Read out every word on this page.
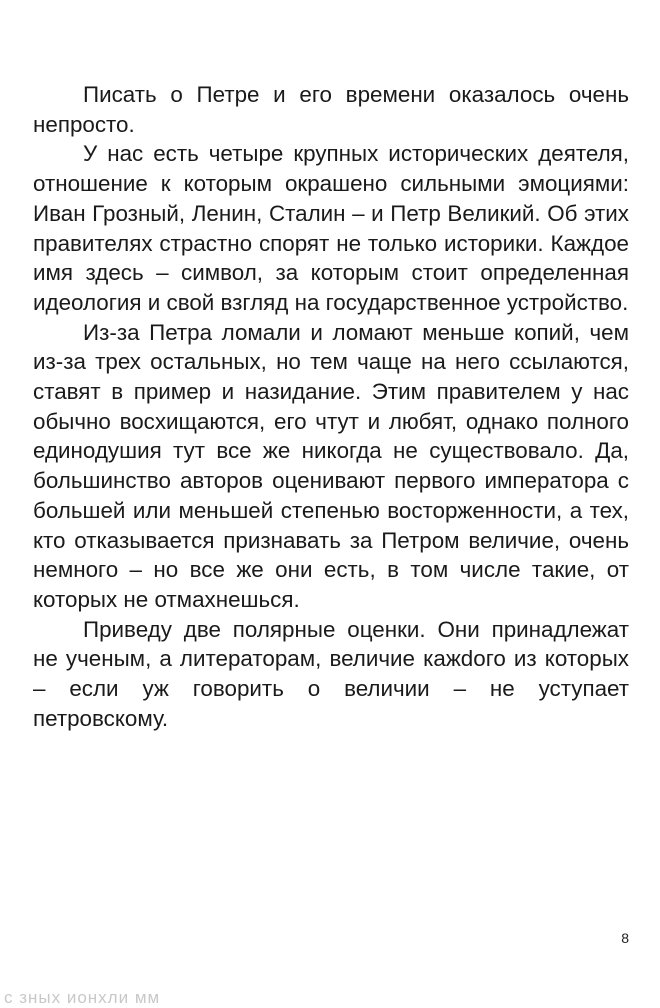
Писать о Петре и его времени оказалось очень непросто.

У нас есть четыре крупных исторических деятеля, отношение к которым окрашено сильными эмоциями: Иван Грозный, Ленин, Сталин – и Петр Великий. Об этих правителях страстно спорят не только историки. Каждое имя здесь – символ, за которым стоит определенная идеология и свой взгляд на государственное устройство.

Из-за Петра ломали и ломают меньше копий, чем из-за трех остальных, но тем чаще на него ссылаются, ставят в пример и назидание. Этим правителем у нас обычно восхищаются, его чтут и любят, однако полного единодушия тут все же никогда не существовало. Да, большинство авторов оценивают первого императора с большей или меньшей степенью восторженности, а тех, кто отказывается признавать за Петром величие, очень немного – но все же они есть, в том числе такие, от которых не отмахнешься.

Приведу две полярные оценки. Они принадлежат не ученым, а литераторам, величие кажdого из которых – если уж говорить о величии – не уступает петровскому.

8
с зных ионхли мм
